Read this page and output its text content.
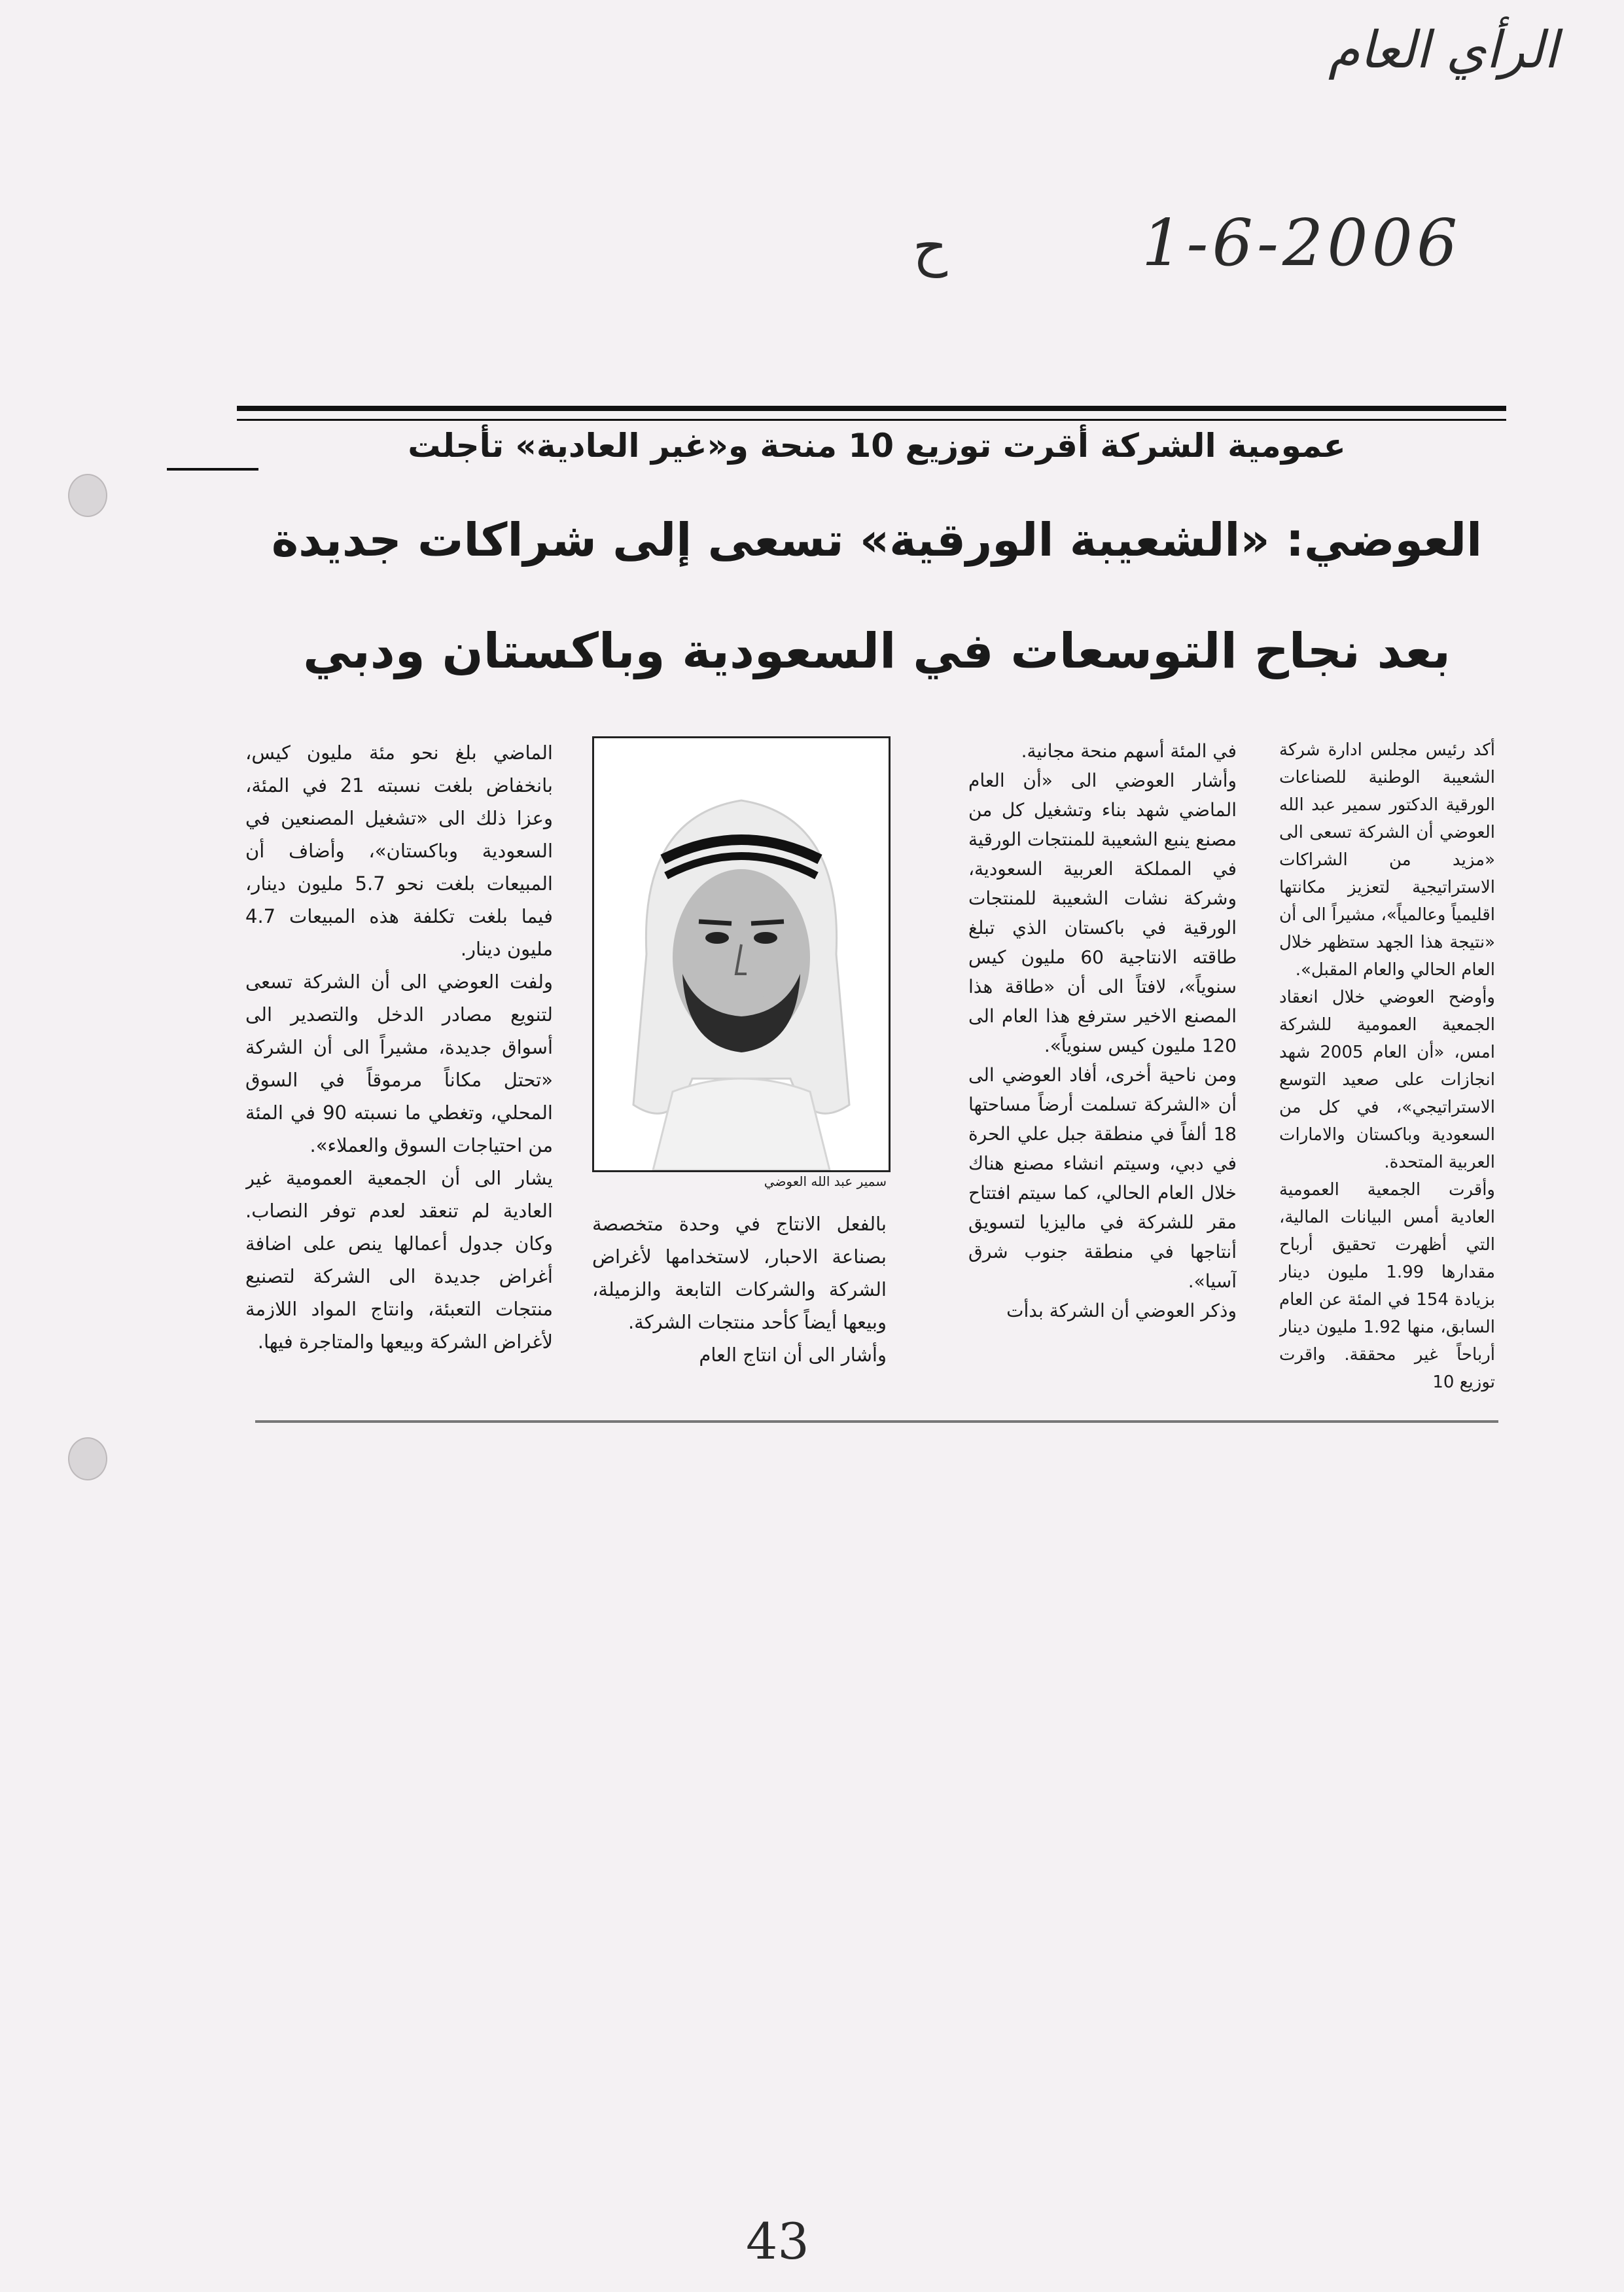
الرأي العام
ح	1-6-2006
43
عمومية الشركة أقرت توزيع 10 منحة و«غير العادية» تأجلت
العوضي: «الشعيبة الورقية» تسعى إلى شراكات جديدة
بعد نجاح التوسعات في السعودية وباكستان ودبي

أكد رئيس مجلس ادارة شركة الشعيبة الوطنية للصناعات الورقية الدكتور سمير عبد الله العوضي أن الشركة تسعى الى «مزيد من الشراكات الاستراتيجية لتعزيز مكانتها اقليمياً وعالمياً»، مشيراً الى أن «نتيجة هذا الجهد ستظهر خلال العام الحالي والعام المقبل».

وأوضح العوضي خلال انعقاد الجمعية العمومية للشركة امس، «أن العام 2005 شهد انجازات على صعيد التوسع الاستراتيجي»، في كل من السعودية وباكستان والامارات العربية المتحدة.

وأقرت الجمعية العمومية العادية أمس البيانات المالية، التي أظهرت تحقيق أرباح مقدارها 1.99 مليون دينار بزيادة 154 في المئة عن العام السابق، منها 1.92 مليون دينار أرباحاً غير محققة. واقرت توزيع 10

في المئة أسهم منحة مجانية.

وأشار العوضي الى «أن العام الماضي شهد بناء وتشغيل كل من مصنع ينبع الشعيبة للمنتجات الورقية في المملكة العربية السعودية، وشركة نشات الشعيبة للمنتجات الورقية في باكستان الذي تبلغ طاقته الانتاجية 60 مليون كيس سنوياً»، لافتاً الى أن «طاقة هذا المصنع الاخير سترفع هذا العام الى 120 مليون كيس سنوياً».

ومن ناحية أخرى، أفاد العوضي الى أن «الشركة تسلمت أرضاً مساحتها 18 ألفاً في منطقة جبل علي الحرة في دبي، وسيتم انشاء مصنع هناك خلال العام الحالي، كما سيتم افتتاح مقر للشركة في ماليزيا لتسويق أنتاجها في منطقة جنوب شرق آسيا».

وذكر العوضي أن الشركة بدأت

سمير عبد الله العوضي

بالفعل الانتاج في وحدة متخصصة بصناعة الاحبار، لاستخدامها لأغراض الشركة والشركات التابعة والزميلة، وبيعها أيضاً كأحد منتجات الشركة.

وأشار الى أن انتاج العام

الماضي بلغ نحو مئة مليون كيس، بانخفاض بلغت نسبته 21 في المئة، وعزا ذلك الى «تشغيل المصنعين في السعودية وباكستان»، وأضاف أن المبيعات بلغت نحو 5.7 مليون دينار، فيما بلغت تكلفة هذه المبيعات 4.7 مليون دينار.

ولفت العوضي الى أن الشركة تسعى لتنويع مصادر الدخل والتصدير الى أسواق جديدة، مشيراً الى أن الشركة «تحتل مكاناً مرموقاً في السوق المحلي، وتغطي ما نسبته 90 في المئة من احتياجات السوق والعملاء».

يشار الى أن الجمعية العمومية غير العادية لم تنعقد لعدم توفر النصاب. وكان جدول أعمالها ينص على اضافة أغراض جديدة الى الشركة لتصنيع منتجات التعبئة، وانتاج المواد اللازمة لأغراض الشركة وبيعها والمتاجرة فيها.
